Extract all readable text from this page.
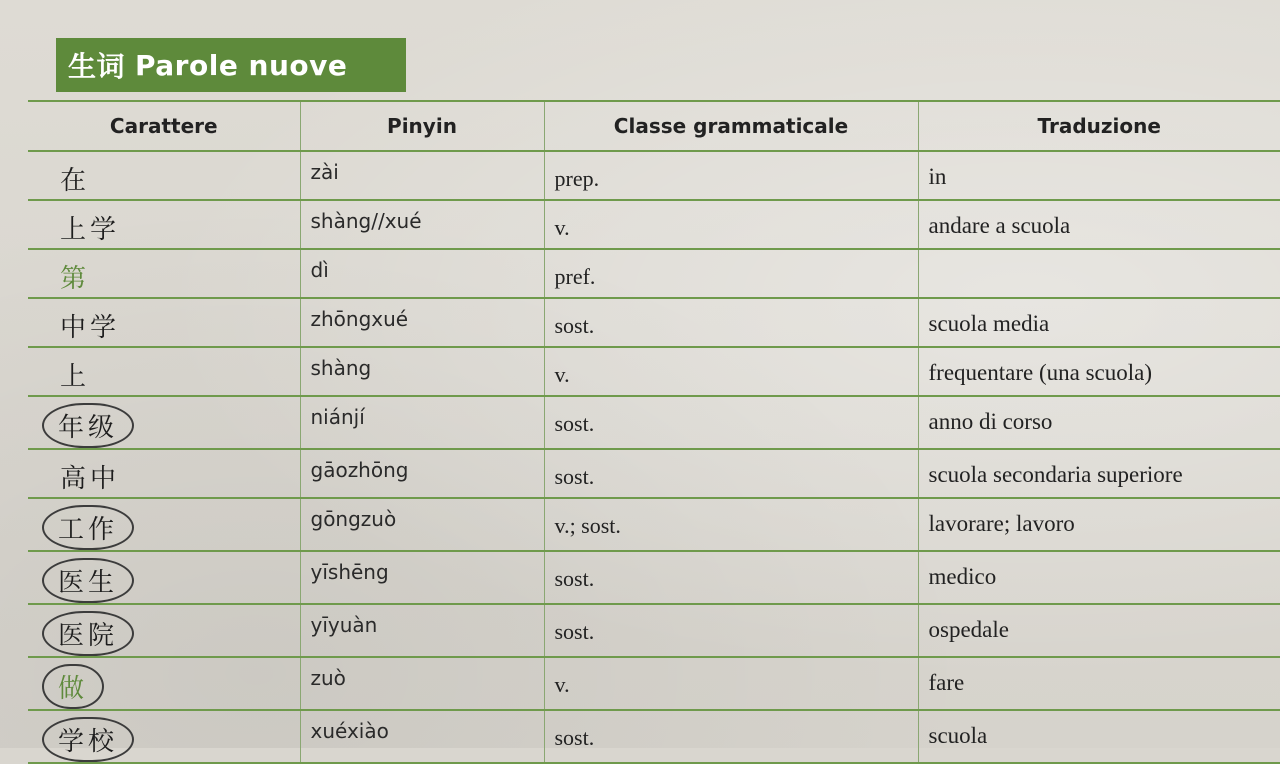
生词 Parole nuove
Carattere	Pinyin	Classe grammaticale	Traduzione
在	zài	prep.	in

上学	shàng//xué	v.	andare a scuola

第	dì	pref.	

中学	zhōngxué	sost.	scuola media

上	shàng	v.	frequentare (una scuola)

年级	niánjí	sost.	anno di corso

高中	gāozhōng	sost.	scuola secondaria superiore

工作	gōngzuò	v.; sost.	lavorare; lavoro

医生	yīshēng	sost.	medico

医院	yīyuàn	sost.	ospedale

做	zuò	v.	fare

学校	xuéxiào	sost.	scuola
